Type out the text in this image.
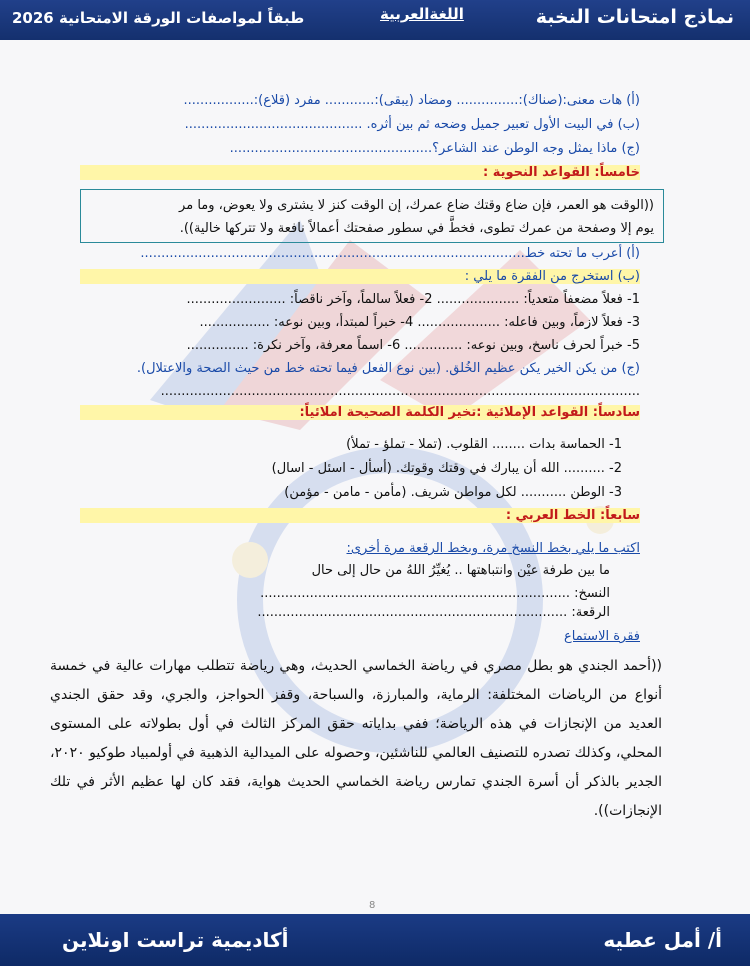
نماذج امتحانات النخبة
اللغةالعربية
طبقاً لمواصفات الورقة الامتحانية 2026
(أ) هات معنى:(صناك):............... ومضاد (يبقى):............ مفرد (قلاع):.................
(ب) في البيت الأول تعبير جميل وضحه ثم بين أثره. ...........................................
(ج) ماذا يمثل وجه الوطن عند الشاعر؟.................................................
خامساً: القواعد النحوية :
((الوقت هو العمر، فإن ضاع وقتك ضاع عمرك، إن الوقت كنز لا يشترى ولا يعوض، وما مر
يوم إلا وصفحة من عمرك تطوى، فخطَّ في سطور صفحتك أعمالاً نافعة ولا تتركها خالية)).
(أ) أعرب ما تحته خط.............................................................................................
(ب) استخرج من الفقرة ما يلي :
1- فعلاً مضعفاً متعدياً: .................... 2- فعلاً سالماً، وآخر ناقصاً: ........................
3- فعلاً لازماً، وبين فاعله: .................... 4- خبراً لمبتدأ، وبين نوعه: .................
5- خبراً لحرف ناسخ، وبين نوعه: .............. 6- اسماً معرفة، وآخر نكرة: ...............
(ج) من يكن الخير يكن عظيم الخُلق. (بين نوع الفعل فيما تحته خط من حيث الصحة والاعتلال).
....................................................................................................................
سادساً: القواعد الإملائية :تخير الكلمة الصحيحة املائياً:
1- الحماسة بدات ........ القلوب. (تملا - تملؤ - تملأ)
2- .......... الله أن يبارك في وقتك وقوتك. (أسأل - اسئل - اسال)
3- الوطن ........... لكل مواطن شريف. (مأمن - مامن - مؤمن)
سابعاً: الخط العربي :
اكتب ما يلي بخط النسخ مرة، وبخط الرقعة مرة أخرى:
ما بين طرفة عيْن وانتباهتها .. يُغيِّرُ اللهُ من حال إلى حال
النسخ: ...........................................................................
الرقعة: ...........................................................................
فقرة الاستماع
((أحمد الجندي هو بطل مصري في رياضة الخماسي الحديث، وهي رياضة تتطلب مهارات عالية في خمسة أنواع من الرياضات المختلفة: الرماية، والمبارزة، والسباحة، وقفز الحواجز، والجري، وقد حقق الجندي العديد من الإنجازات في هذه الرياضة؛ ففي بداياته حقق المركز الثالث في أول بطولاته على المستوى المحلي، وكذلك تصدره للتصنيف العالمي للناشئين، وحصوله على الميدالية الذهبية في أولمبياد طوكيو ٢٠٢٠، الجدير بالذكر أن أسرة الجندي تمارس رياضة الخماسي الحديث هواية، فقد كان لها عظيم الأثر في تلك الإنجازات)).
8
أكاديمية تراست اونلاين	أ/ أمل عطيه
